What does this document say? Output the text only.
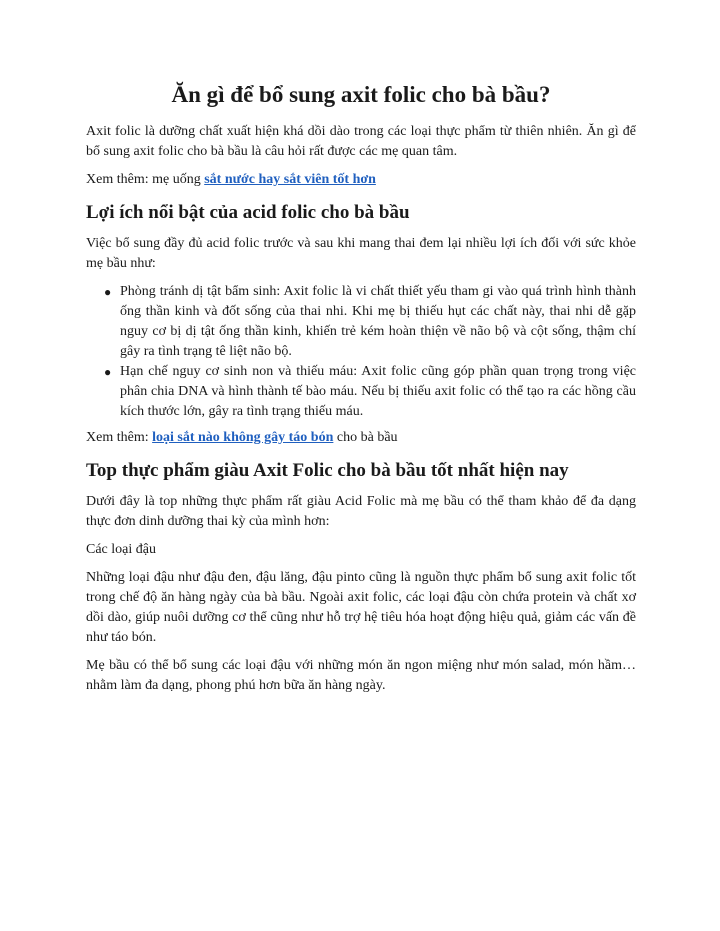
Ăn gì để bổ sung axit folic cho bà bầu?

Axit folic là dưỡng chất xuất hiện khá dồi dào trong các loại thực phẩm từ thiên nhiên. Ăn gì để bổ sung axit folic cho bà bầu là câu hỏi rất được các mẹ quan tâm.

Xem thêm: mẹ uống sắt nước hay sắt viên tốt hơn

Lợi ích nổi bật của acid folic cho bà bầu

Việc bổ sung đầy đủ acid folic trước và sau khi mang thai đem lại nhiều lợi ích đối với sức khỏe mẹ bầu như:

● Phòng tránh dị tật bẩm sinh: Axit folic là vi chất thiết yếu tham gi vào quá trình hình thành ống thần kinh và đốt sống của thai nhi. Khi mẹ bị thiếu hụt các chất này, thai nhi dễ gặp nguy cơ bị dị tật ống thần kinh, khiến trẻ kém hoàn thiện về não bộ và cột sống, thậm chí gây ra tình trạng tê liệt não bộ.
● Hạn chế nguy cơ sinh non và thiếu máu: Axit folic cũng góp phần quan trọng trong việc phân chia DNA và hình thành tế bào máu. Nếu bị thiếu axit folic có thể tạo ra các hồng cầu kích thước lớn, gây ra tình trạng thiếu máu.

Xem thêm: loại sắt nào không gây táo bón cho bà bầu

Top thực phẩm giàu Axit Folic cho bà bầu tốt nhất hiện nay

Dưới đây là top những thực phẩm rất giàu Acid Folic mà mẹ bầu có thể tham khảo để đa dạng thực đơn dinh dưỡng thai kỳ của mình hơn:

Các loại đậu

Những loại đậu như đậu đen, đậu lăng, đậu pinto cũng là nguồn thực phẩm bổ sung axit folic tốt trong chế độ ăn hàng ngày của bà bầu. Ngoài axit folic, các loại đậu còn chứa protein và chất xơ dồi dào, giúp nuôi dưỡng cơ thể cũng như hỗ trợ hệ tiêu hóa hoạt động hiệu quả, giảm các vấn đề như táo bón.

Mẹ bầu có thể bổ sung các loại đậu với những món ăn ngon miệng như món salad, món hầm… nhằm làm đa dạng, phong phú hơn bữa ăn hàng ngày.
